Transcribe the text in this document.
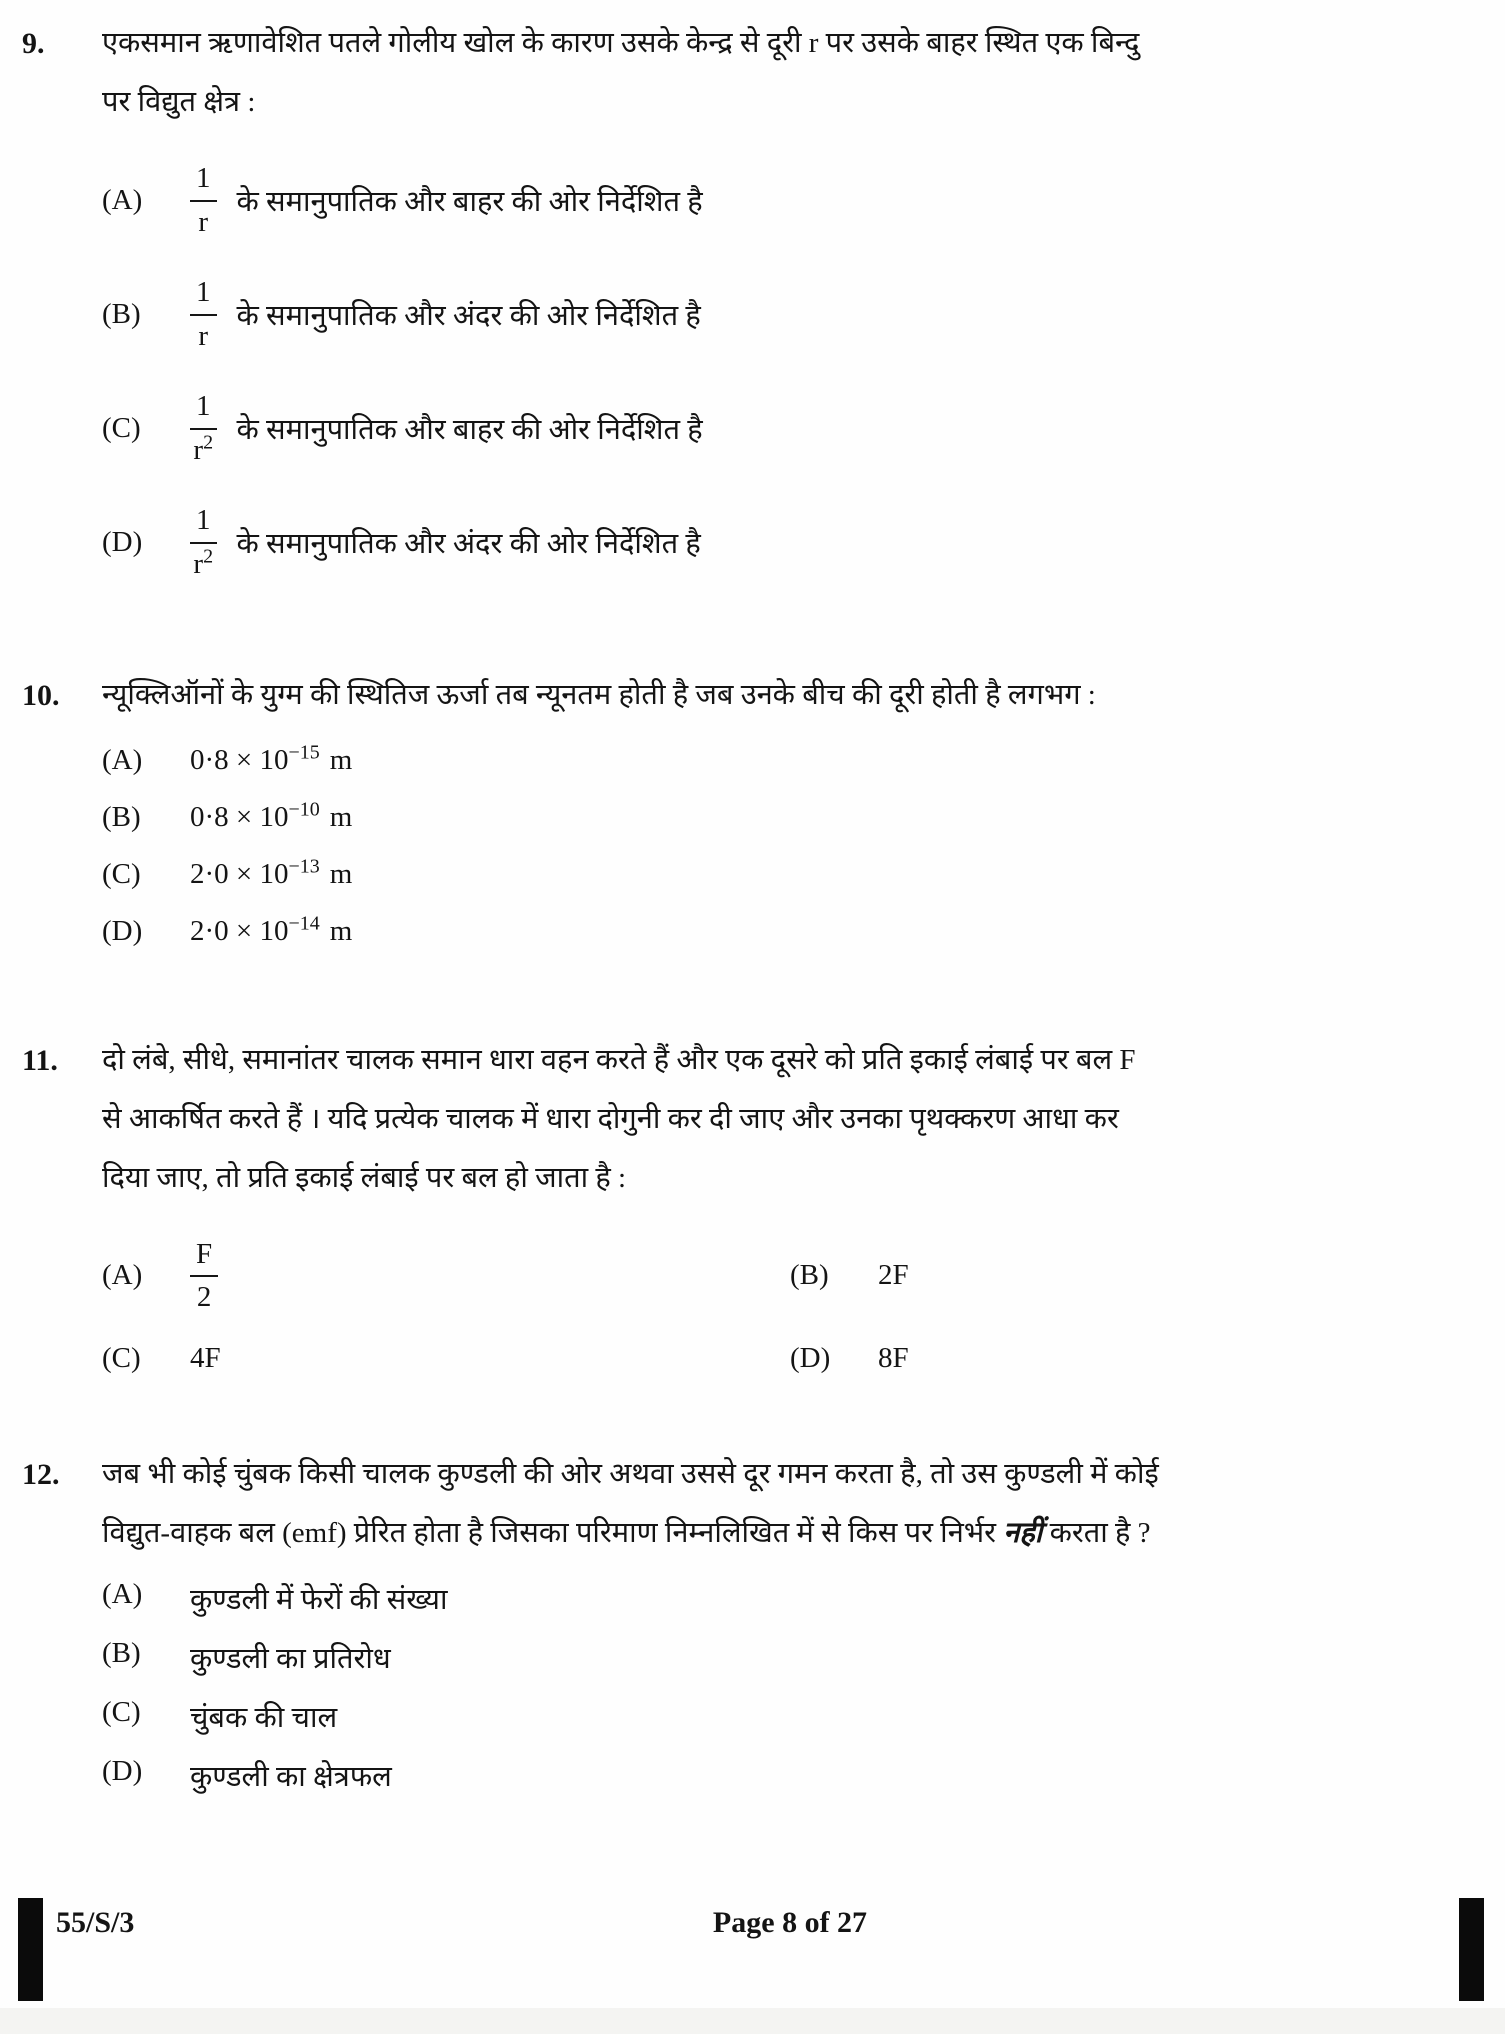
9.	एकसमान ऋणावेशित पतले गोलीय खोल के कारण उसके केन्द्र से दूरी r पर उसके बाहर स्थित एक बिन्दु पर विद्युत क्षेत्र :

(A)	$\frac{1}{r}$ के समानुपातिक और बाहर की ओर निर्देशित है
(B)	$\frac{1}{r}$ के समानुपातिक और अंदर की ओर निर्देशित है
(C)	$\frac{1}{r^2}$ के समानुपातिक और बाहर की ओर निर्देशित है
(D)	$\frac{1}{r^2}$ के समानुपातिक और अंदर की ओर निर्देशित है
10.	न्यूक्लिऑनों के युग्म की स्थितिज ऊर्जा तब न्यूनतम होती है जब उनके बीच की दूरी होती है लगभग :

(A)	$0\cdot 8 \times 10^{-15}$ m
(B)	$0\cdot 8 \times 10^{-10}$ m
(C)	$2\cdot 0 \times 10^{-13}$ m
(D)	$2\cdot 0 \times 10^{-14}$ m
11.	दो लंबे, सीधे, समानांतर चालक समान धारा वहन करते हैं और एक दूसरे को प्रति इकाई लंबाई पर बल F से आकर्षित करते हैं । यदि प्रत्येक चालक में धारा दोगुनी कर दी जाए और उनका पृथक्करण आधा कर दिया जाए, तो प्रति इकाई लंबाई पर बल हो जाता है :

(A)	$\frac{F}{2}$	(B)	2F
(C)	4F	(D)	8F
12.	जब भी कोई चुंबक किसी चालक कुण्डली की ओर अथवा उससे दूर गमन करता है, तो उस कुण्डली में कोई विद्युत-वाहक बल (emf) प्रेरित होता है जिसका परिमाण निम्नलिखित में से किस पर निर्भर नहीं करता है ?

(A)	कुण्डली में फेरों की संख्या
(B)	कुण्डली का प्रतिरोध
(C)	चुंबक की चाल
(D)	कुण्डली का क्षेत्रफल
55/S/3	Page 8 of 27
